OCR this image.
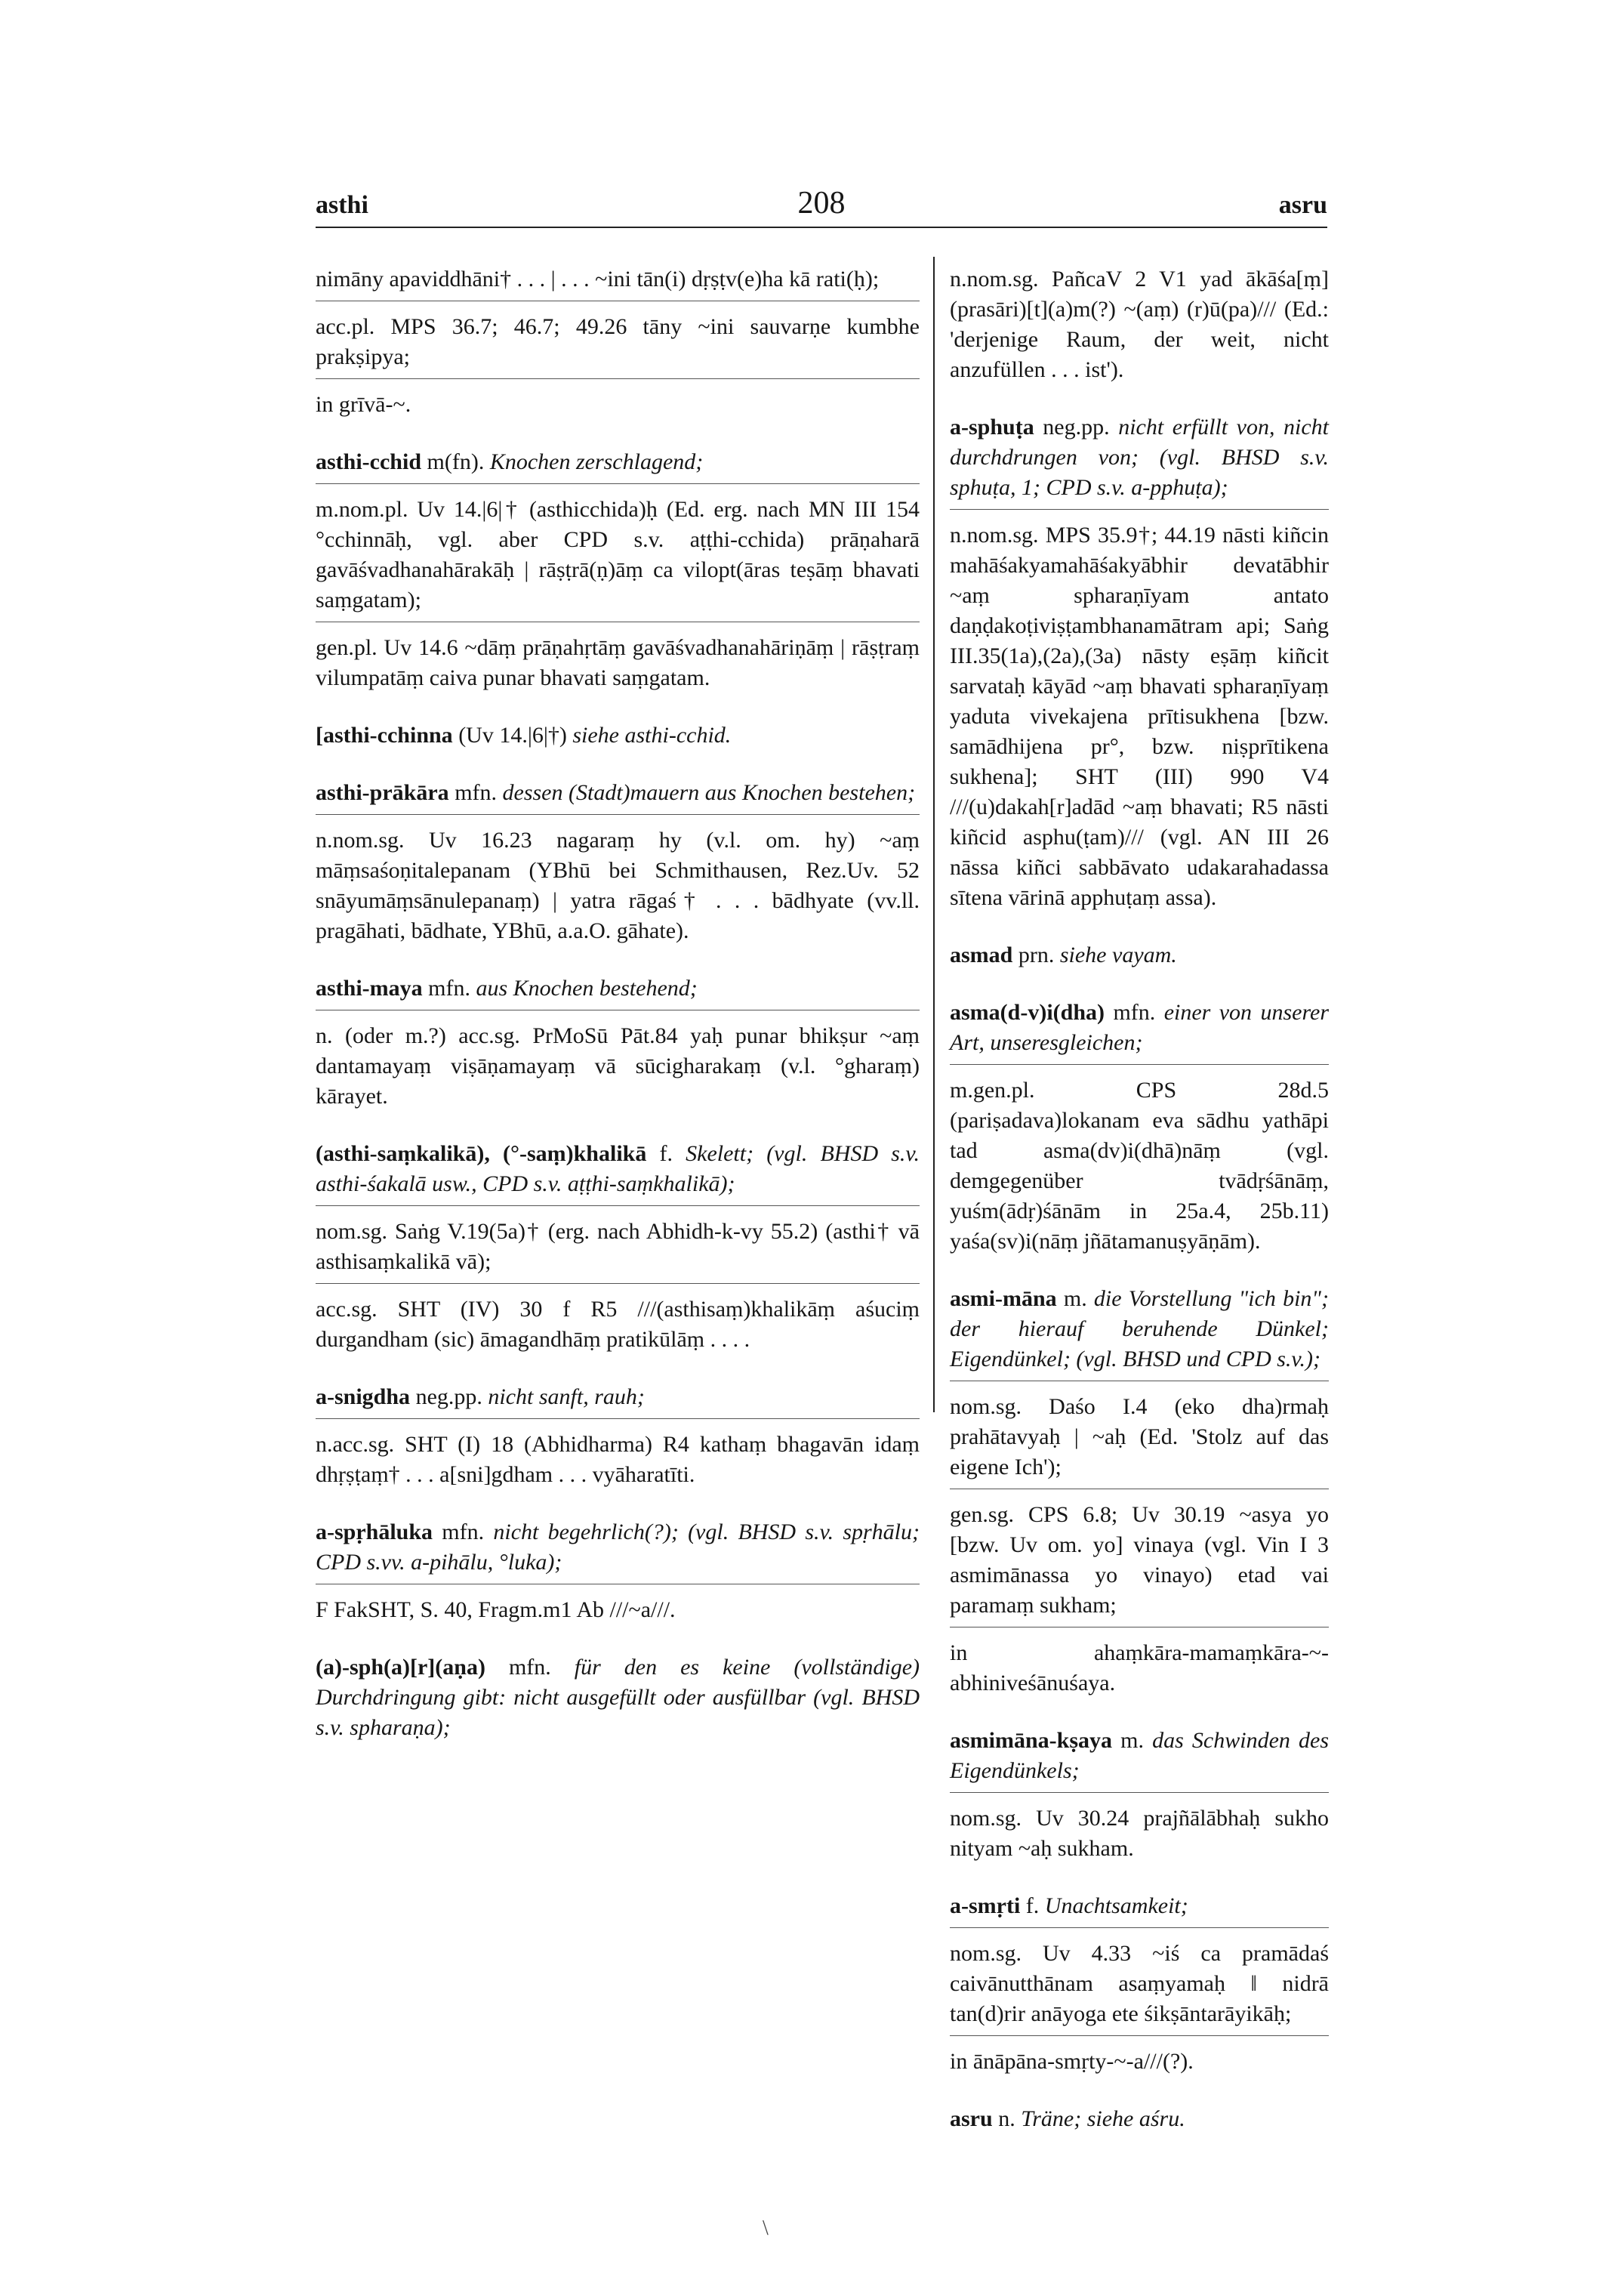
asthi	208	asru

nimāny apaviddhāni† . . . | . . . ~ini tān(i) dṛṣṭv(e)ha kā rati(ḥ);

acc.pl. MPS 36.7; 46.7; 49.26 tāny ~ini sauvarṇe kumbhe prakṣipya;

in grīvā-~.

asthi-cchid m(fn). Knochen zerschlagend;

m.nom.pl. Uv 14.|6|† (asthicchida)ḥ (Ed. erg. nach MN III 154 °cchinnāḥ, vgl. aber CPD s.v. aṭṭhi-cchida) prāṇaharā gavāśvadhanahārakāḥ | rāṣṭrā(ṇ)āṃ ca vilopt(āras teṣāṃ bhavati saṃgatam);

gen.pl. Uv 14.6 ~dāṃ prāṇahṛtāṃ gavāśvadhanahāriṇāṃ | rāṣṭraṃ vilumpatāṃ caiva punar bhavati saṃgatam.

[asthi-cchinna (Uv 14.|6|†) siehe asthi-cchid.

asthi-prākāra mfn. dessen (Stadt)mauern aus Knochen bestehen;

n.nom.sg. Uv 16.23 nagaraṃ hy (v.l. om. hy) ~aṃ māṃsaśoṇitalepanam (YBhū bei Schmithausen, Rez.Uv. 52 snāyumāṃsānulepanaṃ) | yatra rāgaś† . . . bādhyate (vv.ll. pragāhati, bādhate, YBhū, a.a.O. gāhate).

asthi-maya mfn. aus Knochen bestehend;

n. (oder m.?) acc.sg. PrMoSū Pāt.84 yaḥ punar bhikṣur ~aṃ dantamayaṃ viṣāṇamayaṃ vā sūcigharakaṃ (v.l. °gharaṃ) kārayet.

(asthi-saṃkalikā), (°-saṃ)khalikā f. Skelett; (vgl. BHSD s.v. asthi-śakalā usw., CPD s.v. aṭṭhi-saṃkhalikā);

nom.sg. Saṅg V.19(5a)† (erg. nach Abhidh-k-vy 55.2) (asthi† vā asthisaṃkalikā vā);

acc.sg. SHT (IV) 30 f R5 ///(asthisaṃ)khalikāṃ aśuciṃ durgandham (sic) āmagandhāṃ pratikūlāṃ . . . .

a-snigdha neg.pp. nicht sanft, rauh;

n.acc.sg. SHT (I) 18 (Abhidharma) R4 kathaṃ bhagavān idaṃ dhṛṣṭaṃ† . . . a[sni]gdham . . . vyāharatīti.

a-spṛhāluka mfn. nicht begehrlich(?); (vgl. BHSD s.v. spṛhālu; CPD s.vv. a-pihālu, °luka);

F FakSHT, S. 40, Fragm.m1 Ab ///~a///.

(a)-sph(a)[r](aṇa) mfn. für den es keine (vollständige) Durchdringung gibt: nicht ausgefüllt oder ausfüllbar (vgl. BHSD s.v. spharaṇa);

n.nom.sg. PañcaV 2 V1 yad ākāśa[ṃ] (prasāri)[t](a)m(?) ~(aṃ) (r)ū(pa)/// (Ed.: 'derjenige Raum, der weit, nicht anzufüllen . . . ist').

a-sphuṭa neg.pp. nicht erfüllt von, nicht durchdrungen von; (vgl. BHSD s.v. sphuṭa, 1; CPD s.v. a-pphuṭa);

n.nom.sg. MPS 35.9†; 44.19 nāsti kiñcin mahāśakyamahāśakyābhir devatābhir ~aṃ spharaṇīyam antato daṇḍakoṭiviṣṭambhanamātram api; Saṅg III.35(1a),(2a),(3a) nāsty eṣāṃ kiñcit sarvataḥ kāyād ~aṃ bhavati spharaṇīyaṃ yaduta vivekajena prītisukhena [bzw. samādhijena pr°, bzw. niṣprītikena sukhena]; SHT (III) 990 V4 ///(u)dakah[r]adād ~aṃ bhavati; R5 nāsti kiñcid asphu(ṭam)/// (vgl. AN III 26 nāssa kiñci sabbāvato udakarahadassa sītena vārinā apphuṭaṃ assa).

asmad prn. siehe vayam.

asma(d-v)i(dha) mfn. einer von unserer Art, unseresgleichen;

m.gen.pl. CPS 28d.5 (pariṣadava)lokanam eva sādhu yathāpi tad asma(dv)i(dhā)nāṃ (vgl. demgegenüber tvādṛśānāṃ, yuśm(ādṛ)śānām in 25a.4, 25b.11) yaśa(sv)i(nāṃ jñātamanuṣyāṇām).

asmi-māna m. die Vorstellung "ich bin"; der hierauf beruhende Dünkel; Eigendünkel; (vgl. BHSD und CPD s.v.);

nom.sg. Daśo I.4 (eko dha)rmaḥ prahātavyaḥ | ~aḥ (Ed. 'Stolz auf das eigene Ich');

gen.sg. CPS 6.8; Uv 30.19 ~asya yo [bzw. Uv om. yo] vinaya (vgl. Vin I 3 asmimānassa yo vinayo) etad vai paramaṃ sukham;

in ahaṃkāra-mamaṃkāra-~-abhiniveśānuśaya.

asmimāna-kṣaya m. das Schwinden des Eigendünkels;

nom.sg. Uv 30.24 prajñālābhaḥ sukho nityam ~aḥ sukham.

a-smṛti f. Unachtsamkeit;

nom.sg. Uv 4.33 ~iś ca pramādaś caivānutthānam asaṃyamaḥ ‖ nidrā tan(d)rir anāyoga ete śikṣāntarāyikāḥ;

in ānāpāna-smṛty-~-a///(?).

asru n. Träne; siehe aśru.

\
